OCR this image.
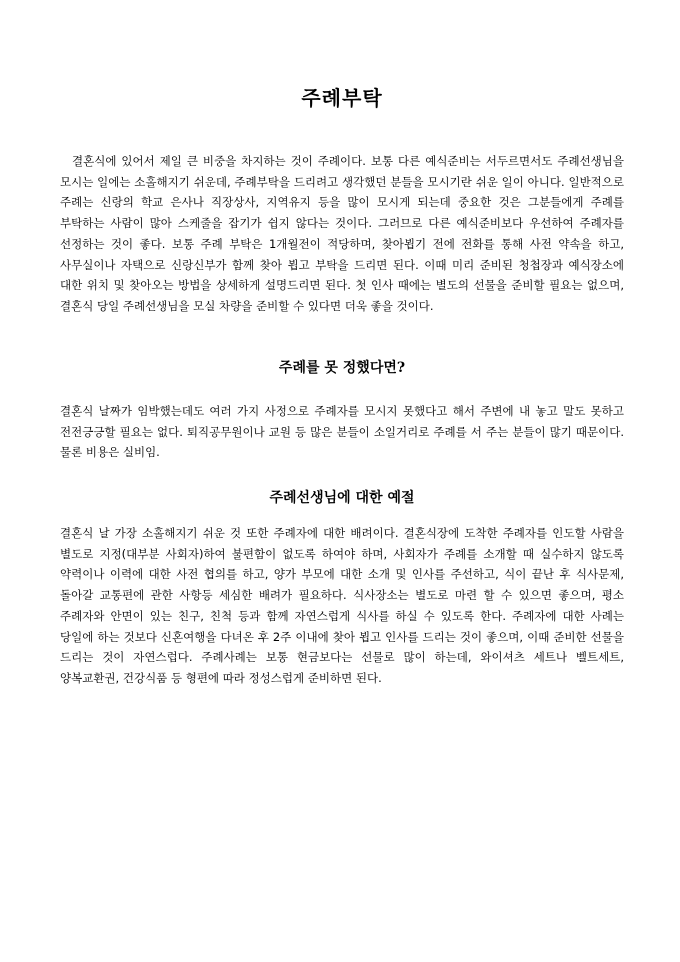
주례부탁

결혼식에 있어서 제일 큰 비중을 차지하는 것이 주례이다. 보통 다른 예식준비는 서두르면서도 주례선생님을 모시는 일에는 소홀해지기 쉬운데, 주례부탁을 드리려고 생각했던 분들을 모시기란 쉬운 일이 아니다. 일반적으로 주례는 신랑의 학교 은사나 직장상사, 지역유지 등을 많이 모시게 되는데 중요한 것은 그분들에게 주례를 부탁하는 사람이 많아 스케줄을 잡기가 쉽지 않다는 것이다. 그러므로 다른 예식준비보다 우선하여 주례자를 선정하는 것이 좋다. 보통 주례 부탁은 1개월전이 적당하며, 찾아뵙기 전에 전화를 통해 사전 약속을 하고, 사무실이나 자택으로 신랑신부가 함께 찾아 뵙고 부탁을 드리면 된다. 이때 미리 준비된 청첩장과 예식장소에 대한 위치 및 찾아오는 방법을 상세하게 설명드리면 된다. 첫 인사 때에는 별도의 선물을 준비할 필요는 없으며, 결혼식 당일 주례선생님을 모실 차량을 준비할 수 있다면 더욱 좋을 것이다.

주례를 못 정했다면?

결혼식 날짜가 임박했는데도 여러 가지 사정으로 주례자를 모시지 못했다고 해서 주변에 내 놓고 말도 못하고 전전긍긍할 필요는 없다. 퇴직공무원이나 교원 등 많은 분들이 소일거리로 주례를 서 주는 분들이 많기 때문이다. 물론 비용은 실비임.

주례선생님에 대한 예절

결혼식 날 가장 소홀해지기 쉬운 것 또한 주례자에 대한 배려이다. 결혼식장에 도착한 주례자를 인도할 사람을 별도로 지정(대부분 사회자)하여 불편함이 없도록 하여야 하며, 사회자가 주례를 소개할 때 실수하지 않도록 약력이나 이력에 대한 사전 협의를 하고, 양가 부모에 대한 소개 및 인사를 주선하고, 식이 끝난 후 식사문제, 돌아갈 교통편에 관한 사항등 세심한 배려가 필요하다. 식사장소는 별도로 마련 할 수 있으면 좋으며, 평소 주례자와 안면이 있는 친구, 친척 등과 함께 자연스럽게 식사를 하실 수 있도록 한다. 주례자에 대한 사례는 당일에 하는 것보다 신혼여행을 다녀온 후 2주 이내에 찾아 뵙고 인사를 드리는 것이 좋으며, 이때 준비한 선물을 드리는 것이 자연스럽다. 주례사례는 보통 현금보다는 선물로 많이 하는데, 와이셔츠 세트나 벨트세트, 양복교환권, 건강식품 등 형편에 따라 정성스럽게 준비하면 된다.
